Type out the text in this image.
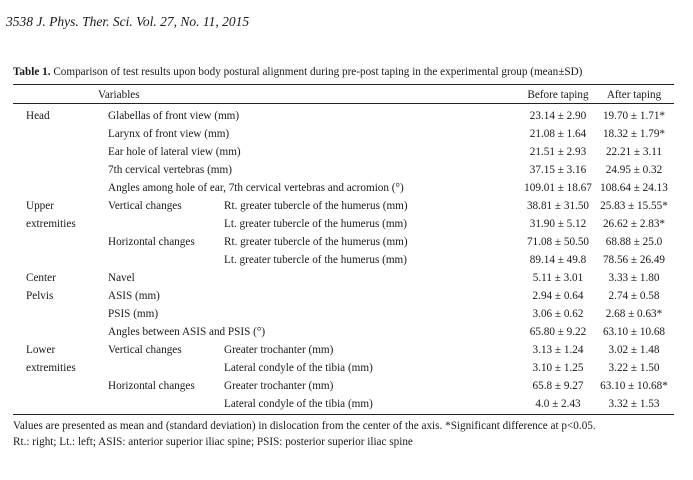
3538 J. Phys. Ther. Sci. Vol. 27, No. 11, 2015
Table 1. Comparison of test results upon body postural alignment during pre-post taping in the experimental group (mean±SD)
Variables	Before taping	After taping
Head	Glabellas of front view (mm)	23.14 ± 2.90	19.70 ± 1.71*
Larynx of front view (mm)	21.08 ± 1.64	18.32 ± 1.79*
Ear hole of lateral view (mm)	21.51 ± 2.93	22.21 ± 3.11
7th cervical vertebras (mm)	37.15 ± 3.16	24.95 ± 0.32
Angles among hole of ear, 7th cervical vertebras and acromion (°)	109.01 ± 18.67 108.64 ± 24.13
Upper	Vertical changes	Rt. greater tubercle of the humerus (mm)	38.81 ± 31.50 25.83 ± 15.55*
extremities	Lt. greater tubercle of the humerus (mm)	31.90 ± 5.12	26.62 ± 2.83*
Horizontal changes	Rt. greater tubercle of the humerus (mm)	71.08 ± 50.50	68.88 ± 25.0
Lt. greater tubercle of the humerus (mm)	89.14 ± 49.8	78.56 ± 26.49
Center	Navel	5.11 ± 3.01	3.33 ± 1.80
Pelvis	ASIS (mm)	2.94 ± 0.64	2.74 ± 0.58
PSIS (mm)	3.06 ± 0.62	2.68 ± 0.63*
Angles between ASIS and PSIS (°)	65.80 ± 9.22	63.10 ± 10.68
Lower	Vertical changes	Greater trochanter (mm)	3.13 ± 1.24	3.02 ± 1.48
extremities	Lateral condyle of the tibia (mm)	3.10 ± 1.25	3.22 ± 1.50
Horizontal changes	Greater trochanter (mm)	65.8 ± 9.27	63.10 ± 10.68*
Lateral condyle of the tibia (mm)	4.0 ± 2.43	3.32 ± 1.53
Values are presented as mean and (standard deviation) in dislocation from the center of the axis. *Significant difference at p<0.05.
Rt.: right; Lt.: left; ASIS: anterior superior iliac spine; PSIS: posterior superior iliac spine
